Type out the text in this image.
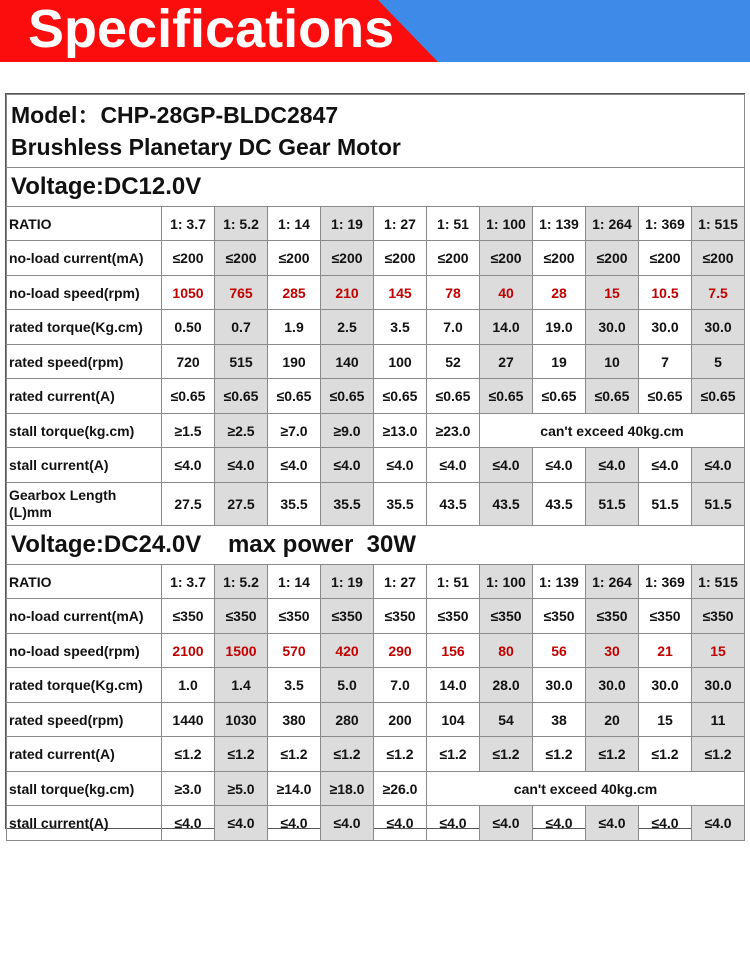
Specifications
Model：CHP-28GP-BLDC2847
Brushless Planetary DC Gear Motor											

Voltage:DC12.0V											
RATIO	1: 3.7	1: 5.2	1: 14	1: 19	1: 27	1: 51	1: 100	1: 139	1: 264	1: 369	1: 515
no-load current(mA)	≤200	≤200	≤200	≤200	≤200	≤200	≤200	≤200	≤200	≤200	≤200
no-load speed(rpm)	1050	765	285	210	145	78	40	28	15	10.5	7.5
rated torque(Kg.cm)	0.50	0.7	1.9	2.5	3.5	7.0	14.0	19.0	30.0	30.0	30.0
rated speed(rpm)	720	515	190	140	100	52	27	19	10	7	5
rated current(A)	≤0.65	≤0.65	≤0.65	≤0.65	≤0.65	≤0.65	≤0.65	≤0.65	≤0.65	≤0.65	≤0.65
stall torque(kg.cm)	≥1.5	≥2.5	≥7.0	≥9.0	≥13.0	≥23.0	can't exceed 40kg.cm				
stall current(A)	≤4.0	≤4.0	≤4.0	≤4.0	≤4.0	≤4.0	≤4.0	≤4.0	≤4.0	≤4.0	≤4.0
Gearbox Length (L)mm	27.5	27.5	35.5	35.5	35.5	43.5	43.5	43.5	51.5	51.5	51.5
Voltage:DC24.0V    max power  30W											
RATIO	1: 3.7	1: 5.2	1: 14	1: 19	1: 27	1: 51	1: 100	1: 139	1: 264	1: 369	1: 515
no-load current(mA)	≤350	≤350	≤350	≤350	≤350	≤350	≤350	≤350	≤350	≤350	≤350
no-load speed(rpm)	2100	1500	570	420	290	156	80	56	30	21	15
rated torque(Kg.cm)	1.0	1.4	3.5	5.0	7.0	14.0	28.0	30.0	30.0	30.0	30.0
rated speed(rpm)	1440	1030	380	280	200	104	54	38	20	15	11
rated current(A)	≤1.2	≤1.2	≤1.2	≤1.2	≤1.2	≤1.2	≤1.2	≤1.2	≤1.2	≤1.2	≤1.2
stall torque(kg.cm)	≥3.0	≥5.0	≥14.0	≥18.0	≥26.0	can't exceed 40kg.cm					
stall current(A)	≤4.0	≤4.0	≤4.0	≤4.0	≤4.0	≤4.0	≤4.0	≤4.0	≤4.0	≤4.0	≤4.0
